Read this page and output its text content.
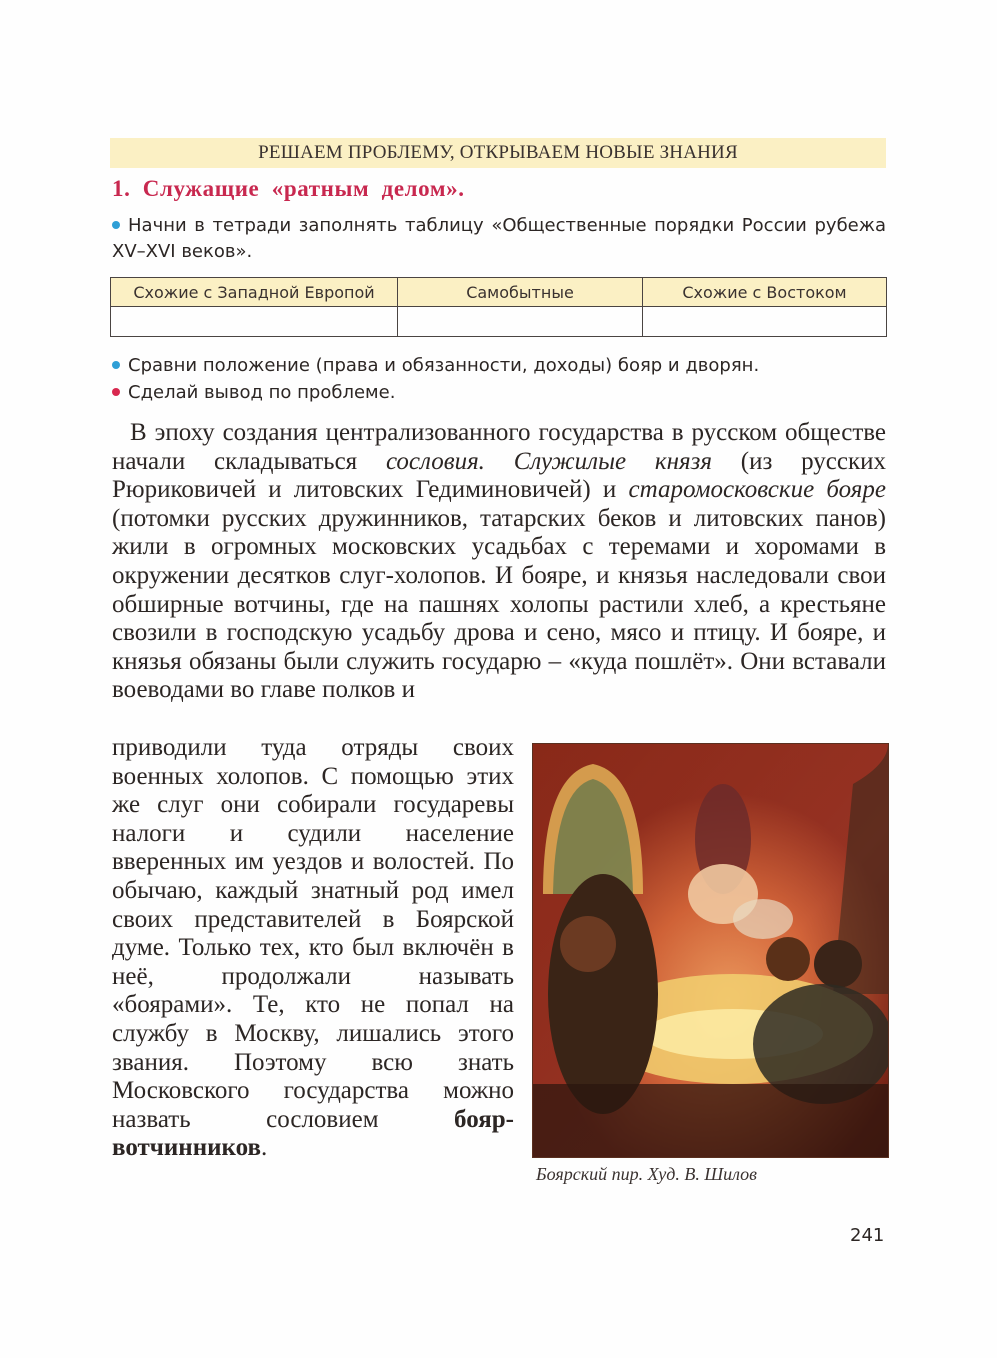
РЕШАЕМ ПРОБЛЕМУ, ОТКРЫВАЕМ НОВЫЕ ЗНАНИЯ
1. Служащие «ратным делом».
Начни в тетради заполнять таблицу «Общественные порядки России рубежа XV–XVI веков».
Схожие с Западной Европой	Самобытные	Схожие с Востоком

Сравни положение (права и обязанности, доходы) бояр и дворян.
Сделай вывод по проблеме.

В эпоху создания централизованного государства в русском обществе начали складываться сословия. Служилые князя (из русских Рюриковичей и литовских Гедиминовичей) и старомосковские бояре (потомки русских дружинников, татарских беков и литовских панов) жили в огромных московских усадьбах с теремами и хоромами в окружении десятков слуг-холопов. И бояре, и князья наследовали свои обширные вотчины, где на пашнях холопы растили хлеб, а крестьяне свозили в господскую усадьбу дрова и сено, мясо и птицу. И бояре, и князья обязаны были служить государю – «куда пошлёт». Они вставали воеводами во главе полков и

приводили туда отряды своих военных холопов. С помощью этих же слуг они собирали государевы налоги и судили население вверенных им уездов и волостей. По обычаю, каждый знатный род имел своих представителей в Боярской думе. Только тех, кто был включён в неё, продолжали называть «боярами». Те, кто не попал на службу в Москву, лишались этого звания. Поэтому всю знать Московского государства можно назвать сословием бояр-вотчинников.

Боярский пир. Худ. В. Шилов
241
